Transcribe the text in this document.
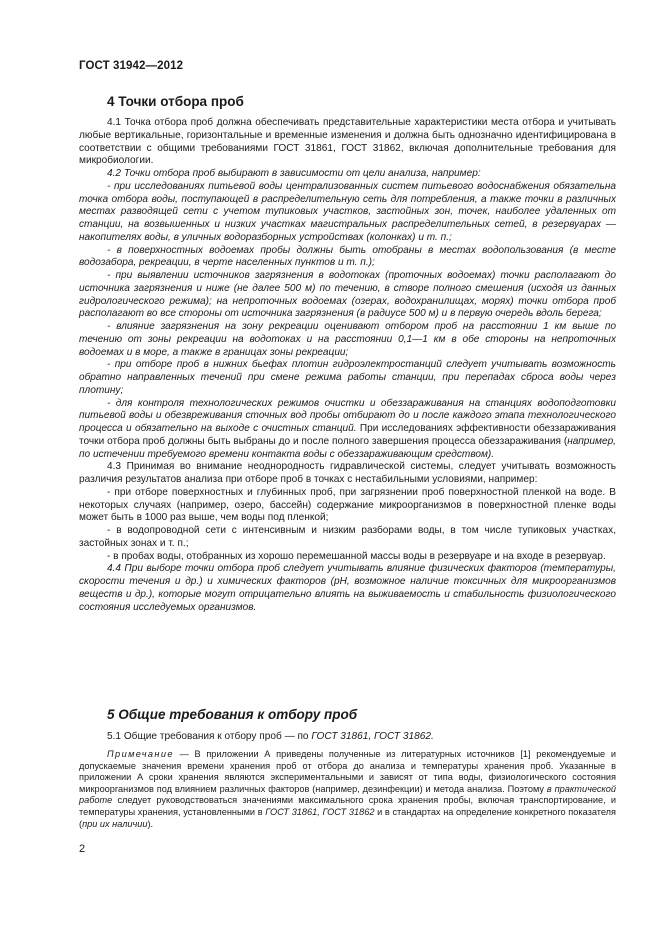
ГОСТ 31942—2012
4 Точки отбора проб

4.1 Точка отбора проб должна обеспечивать представительные характеристики места отбора и учитывать любые вертикальные, горизонтальные и временные изменения и должна быть однозначно идентифицирована в соответствии с общими требованиями ГОСТ 31861, ГОСТ 31862, включая дополнительные требования для микробиологии.

4.2 Точки отбора проб выбирают в зависимости от цели анализа, например:

- при исследованиях питьевой воды централизованных систем питьевого водоснабжения обязательна точка отбора воды, поступающей в распределительную сеть для потребления, а также точки в различных местах разводящей сети с учетом тупиковых участков, застойных зон, точек, наиболее удаленных от станции, на возвышенных и низких участках магистральных распределительных сетей, в резервуарах — накопителях воды, в уличных водоразборных устройствах (колонках) и т. п.;

- в поверхностных водоемах пробы должны быть отобраны в местах водопользования (в месте водозабора, рекреации, в черте населенных пунктов и т. п.);

- при выявлении источников загрязнения в водотоках (проточных водоемах) точки располагают до источника загрязнения и ниже (не далее 500 м) по течению, в створе полного смешения (исходя из данных гидрологического режима); на непроточных водоемах (озерах, водохранилищах, морях) точки отбора проб располагают во все стороны от источника загрязнения (в радиусе 500 м) и в первую очередь вдоль берега;

- влияние загрязнения на зону рекреации оценивают отбором проб на расстоянии 1 км выше по течению от зоны рекреации на водотоках и на расстоянии 0,1—1 км в обе стороны на непроточных водоемах и в море, а также в границах зоны рекреации;

- при отборе проб в нижних бьефах плотин гидроэлектростанций следует учитывать возможность обратно направленных течений при смене режима работы станции, при перепадах сброса воды через плотину;

- для контроля технологических режимов очистки и обеззараживания на станциях водоподготовки питьевой воды и обезвреживания сточных вод пробы отбирают до и после каждого этапа технологического процесса и обязательно на выходе с очистных станций. При исследованиях эффективности обеззараживания точки отбора проб должны быть выбраны до и после полного завершения процесса обеззараживания (например, по истечении требуемого времени контакта воды с обеззараживающим средством).

4.3 Принимая во внимание неоднородность гидравлической системы, следует учитывать возможность различия результатов анализа при отборе проб в точках с нестабильными условиями, например:

- при отборе поверхностных и глубинных проб, при загрязнении проб поверхностной пленкой на воде. В некоторых случаях (например, озеро, бассейн) содержание микроорганизмов в поверхностной пленке воды может быть в 1000 раз выше, чем воды под пленкой;

- в водопроводной сети с интенсивным и низким разборами воды, в том числе тупиковых участках, застойных зонах и т. п.;

- в пробах воды, отобранных из хорошо перемешанной массы воды в резервуаре и на входе в резервуар.

4.4 При выборе точки отбора проб следует учитывать влияние физических факторов (температуры, скорости течения и др.) и химических факторов (pH, возможное наличие токсичных для микроорганизмов веществ и др.), которые могут отрицательно влиять на выживаемость и стабильность физиологического состояния исследуемых организмов.

5 Общие требования к отбору проб

5.1 Общие требования к отбору проб — по ГОСТ 31861, ГОСТ 31862.

Примечание — В приложении А приведены полученные из литературных источников [1] рекомендуемые и допускаемые значения времени хранения проб от отбора до анализа и температуры хранения проб. Указанные в приложении А сроки хранения являются экспериментальными и зависят от типа воды, физиологического состояния микроорганизмов под влиянием различных факторов (например, дезинфекции) и метода анализа. Поэтому в практической работе следует руководствоваться значениями максимального срока хранения пробы, включая транспортирование, и температуры хранения, установленными в ГОСТ 31861, ГОСТ 31862 и в стандартах на определение конкретного показателя (при их наличии).

2
